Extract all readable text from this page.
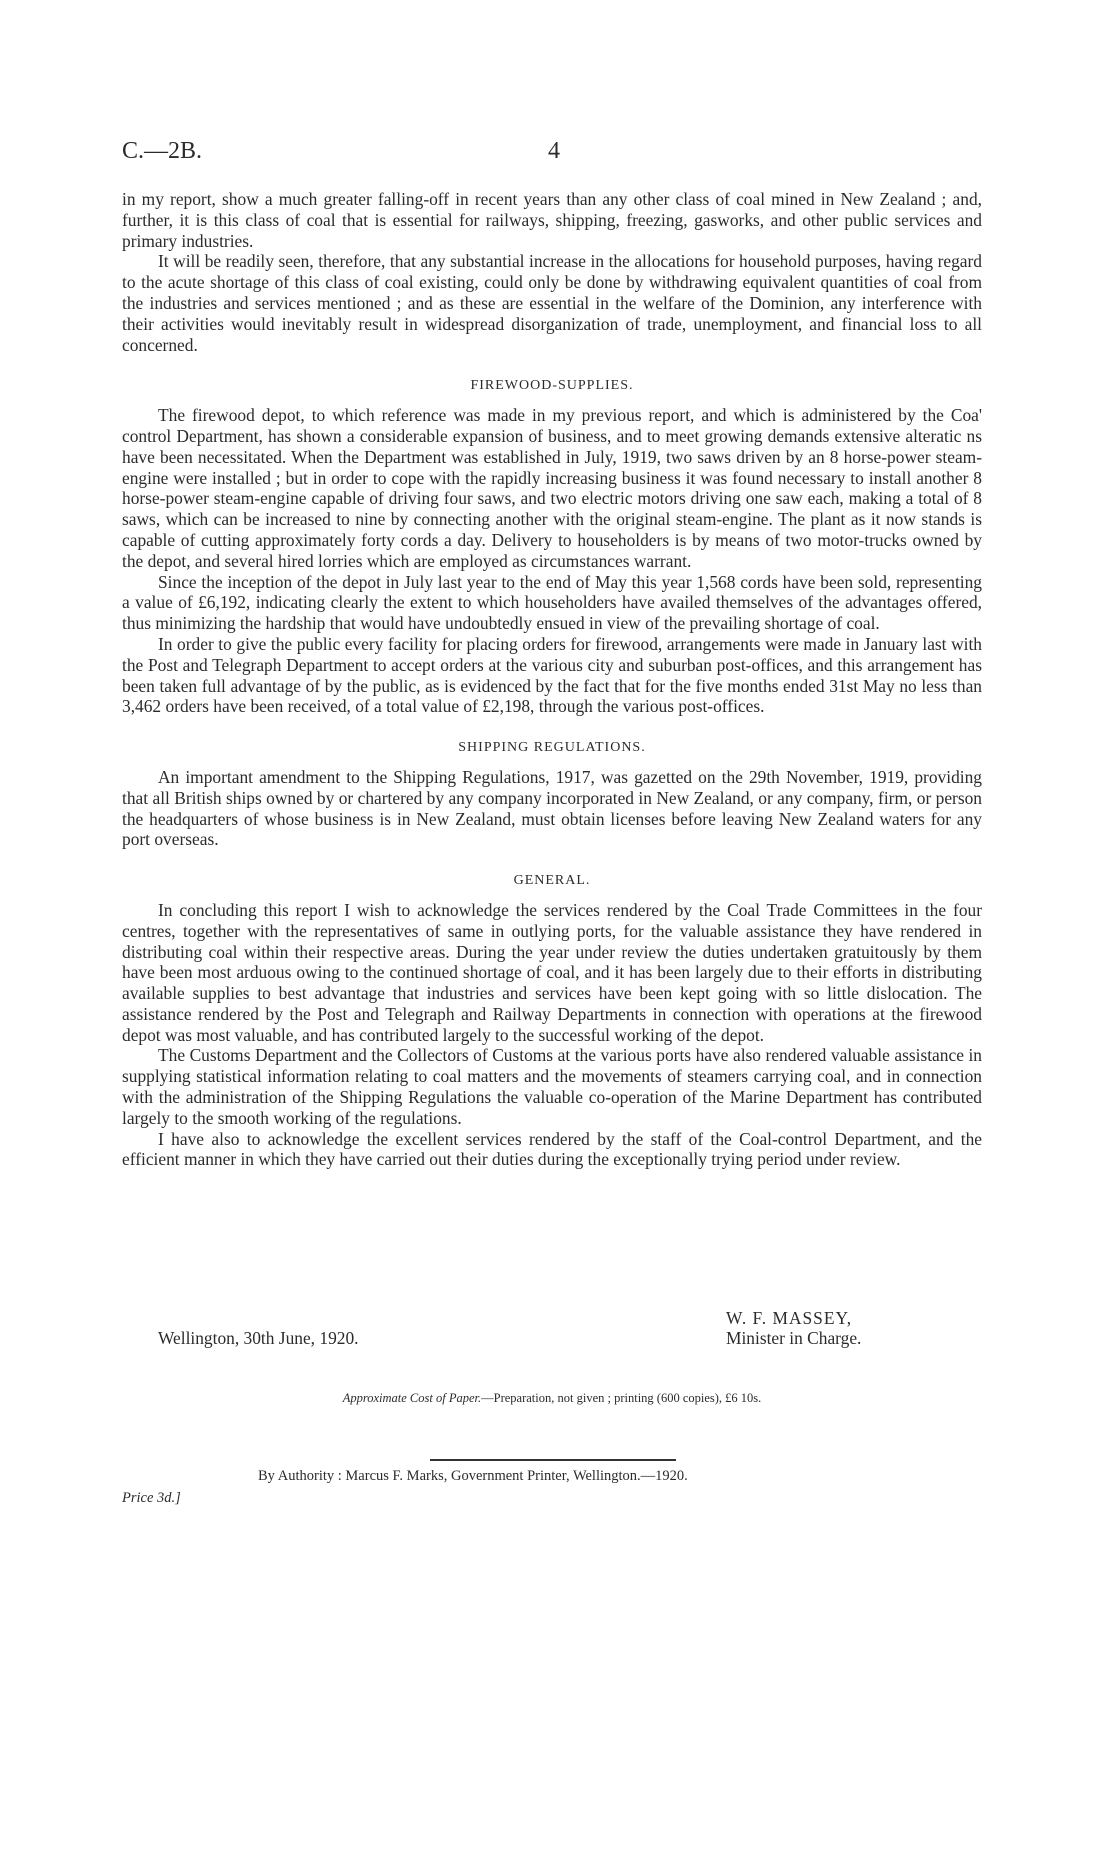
C.—2B.	4

in my report, show a much greater falling-off in recent years than any other class of coal mined in New Zealand ; and, further, it is this class of coal that is essential for railways, shipping, freezing, gasworks, and other public services and primary industries.

It will be readily seen, therefore, that any substantial increase in the allocations for household purposes, having regard to the acute shortage of this class of coal existing, could only be done by withdrawing equivalent quantities of coal from the industries and services mentioned ; and as these are essential in the welfare of the Dominion, any interference with their activities would inevitably result in widespread disorganization of trade, unemployment, and financial loss to all concerned.

FIREWOOD-SUPPLIES.

The firewood depot, to which reference was made in my previous report, and which is administered by the Coa' control Department, has shown a considerable expansion of business, and to meet growing demands extensive alteratic ns have been necessitated. When the Department was established in July, 1919, two saws driven by an 8 horse-power steam-engine were installed ; but in order to cope with the rapidly increasing business it was found necessary to install another 8 horse-power steam-engine capable of driving four saws, and two electric motors driving one saw each, making a total of 8 saws, which can be increased to nine by connecting another with the original steam-engine. The plant as it now stands is capable of cutting approximately forty cords a day. Delivery to householders is by means of two motor-trucks owned by the depot, and several hired lorries which are employed as circumstances warrant.

Since the inception of the depot in July last year to the end of May this year 1,568 cords have been sold, representing a value of £6,192, indicating clearly the extent to which householders have availed themselves of the advantages offered, thus minimizing the hardship that would have undoubtedly ensued in view of the prevailing shortage of coal.

In order to give the public every facility for placing orders for firewood, arrangements were made in January last with the Post and Telegraph Department to accept orders at the various city and suburban post-offices, and this arrangement has been taken full advantage of by the public, as is evidenced by the fact that for the five months ended 31st May no less than 3,462 orders have been received, of a total value of £2,198, through the various post-offices.

SHIPPING REGULATIONS.

An important amendment to the Shipping Regulations, 1917, was gazetted on the 29th November, 1919, providing that all British ships owned by or chartered by any company incorporated in New Zealand, or any company, firm, or person the headquarters of whose business is in New Zealand, must obtain licenses before leaving New Zealand waters for any port overseas.

GENERAL.

In concluding this report I wish to acknowledge the services rendered by the Coal Trade Committees in the four centres, together with the representatives of same in outlying ports, for the valuable assistance they have rendered in distributing coal within their respective areas. During the year under review the duties undertaken gratuitously by them have been most arduous owing to the continued shortage of coal, and it has been largely due to their efforts in distributing available supplies to best advantage that industries and services have been kept going with so little dislocation. The assistance rendered by the Post and Telegraph and Railway Departments in connection with operations at the firewood depot was most valuable, and has contributed largely to the successful working of the depot.

The Customs Department and the Collectors of Customs at the various ports have also rendered valuable assistance in supplying statistical information relating to coal matters and the movements of steamers carrying coal, and in connection with the administration of the Shipping Regulations the valuable co-operation of the Marine Department has contributed largely to the smooth working of the regulations.

I have also to acknowledge the excellent services rendered by the staff of the Coal-control Department, and the efficient manner in which they have carried out their duties during the exceptionally trying period under review.

Wellington, 30th June, 1920.
W. F. MASSEY,
Minister in Charge.
Approximate Cost of Paper.—Preparation, not given ; printing (600 copies), £6 10s.
By Authority : Marcus F. Marks, Government Printer, Wellington.—1920.
Price 3d.]
